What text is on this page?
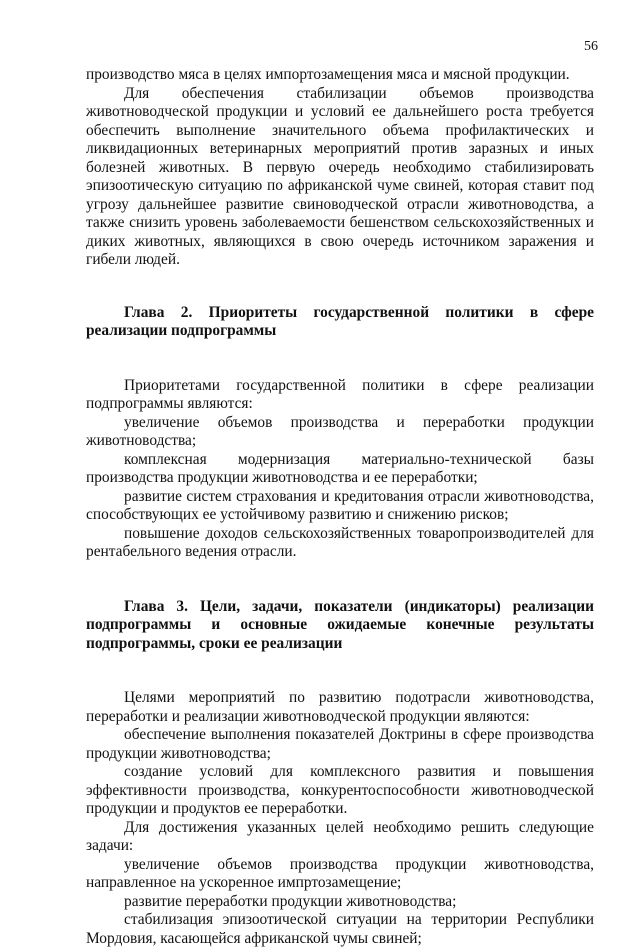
56

производство мяса в целях импортозамещения мяса и мясной продукции.

Для обеспечения стабилизации объемов производства животноводческой продукции и условий ее дальнейшего роста требуется обеспечить выполнение значительного объема профилактических и ликвидационных ветеринарных мероприятий против заразных и иных болезней животных. В первую очередь необходимо стабилизировать эпизоотическую ситуацию по африканской чуме свиней, которая ставит под угрозу дальнейшее развитие свиноводческой отрасли животноводства, а также снизить уровень заболеваемости бешенством сельскохозяйственных и диких животных, являющихся в свою очередь источником заражения и гибели людей.

Глава 2. Приоритеты государственной политики в сфере реализации подпрограммы

Приоритетами государственной политики в сфере реализации подпрограммы являются:

увеличение объемов производства и переработки продукции животноводства;

комплексная модернизация материально-технической базы производства продукции животноводства и ее переработки;

развитие систем страхования и кредитования отрасли животноводства, способствующих ее устойчивому развитию и снижению рисков;

повышение доходов сельскохозяйственных товаропроизводителей для рентабельного ведения отрасли.

Глава 3. Цели, задачи, показатели (индикаторы) реализации подпрограммы и основные ожидаемые конечные результаты подпрограммы, сроки ее реализации

Целями мероприятий по развитию подотрасли животноводства, переработки и реализации животноводческой продукции являются:

обеспечение выполнения показателей Доктрины в сфере производства продукции животноводства;

создание условий для комплексного развития и повышения эффективности производства, конкурентоспособности животноводческой продукции и продуктов ее переработки.

Для достижения указанных целей необходимо решить следующие задачи:

увеличение объемов производства продукции животноводства, направленное на ускоренное импртозамещение;

развитие переработки продукции животноводства;

стабилизация эпизоотической ситуации на территории Республики Мордовия, касающейся африканской чумы свиней;
